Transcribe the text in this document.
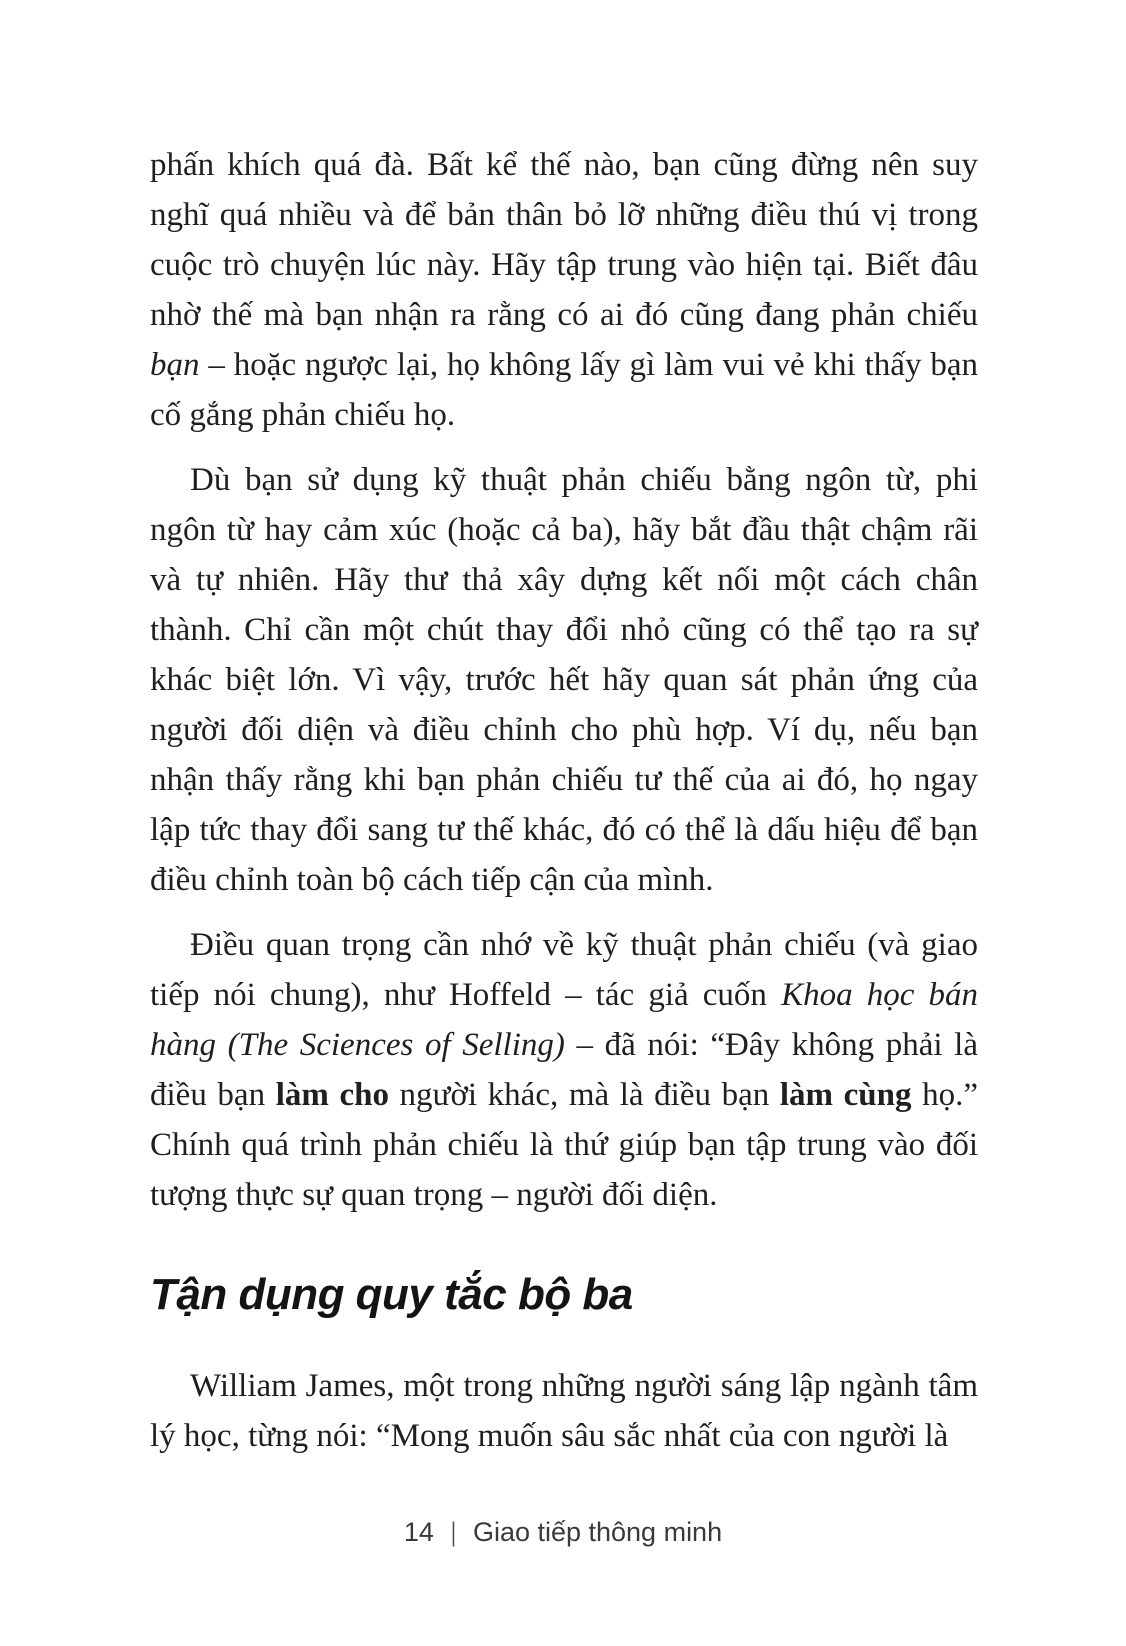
phấn khích quá đà. Bất kể thế nào, bạn cũng đừng nên suy nghĩ quá nhiều và để bản thân bỏ lỡ những điều thú vị trong cuộc trò chuyện lúc này. Hãy tập trung vào hiện tại. Biết đâu nhờ thế mà bạn nhận ra rằng có ai đó cũng đang phản chiếu bạn – hoặc ngược lại, họ không lấy gì làm vui vẻ khi thấy bạn cố gắng phản chiếu họ.

Dù bạn sử dụng kỹ thuật phản chiếu bằng ngôn từ, phi ngôn từ hay cảm xúc (hoặc cả ba), hãy bắt đầu thật chậm rãi và tự nhiên. Hãy thư thả xây dựng kết nối một cách chân thành. Chỉ cần một chút thay đổi nhỏ cũng có thể tạo ra sự khác biệt lớn. Vì vậy, trước hết hãy quan sát phản ứng của người đối diện và điều chỉnh cho phù hợp. Ví dụ, nếu bạn nhận thấy rằng khi bạn phản chiếu tư thế của ai đó, họ ngay lập tức thay đổi sang tư thế khác, đó có thể là dấu hiệu để bạn điều chỉnh toàn bộ cách tiếp cận của mình.

Điều quan trọng cần nhớ về kỹ thuật phản chiếu (và giao tiếp nói chung), như Hoffeld – tác giả cuốn Khoa học bán hàng (The Sciences of Selling) – đã nói: “Đây không phải là điều bạn làm cho người khác, mà là điều bạn làm cùng họ.” Chính quá trình phản chiếu là thứ giúp bạn tập trung vào đối tượng thực sự quan trọng – người đối diện.

Tận dụng quy tắc bộ ba

William James, một trong những người sáng lập ngành tâm lý học, từng nói: “Mong muốn sâu sắc nhất của con người là

14 | Giao tiếp thông minh
